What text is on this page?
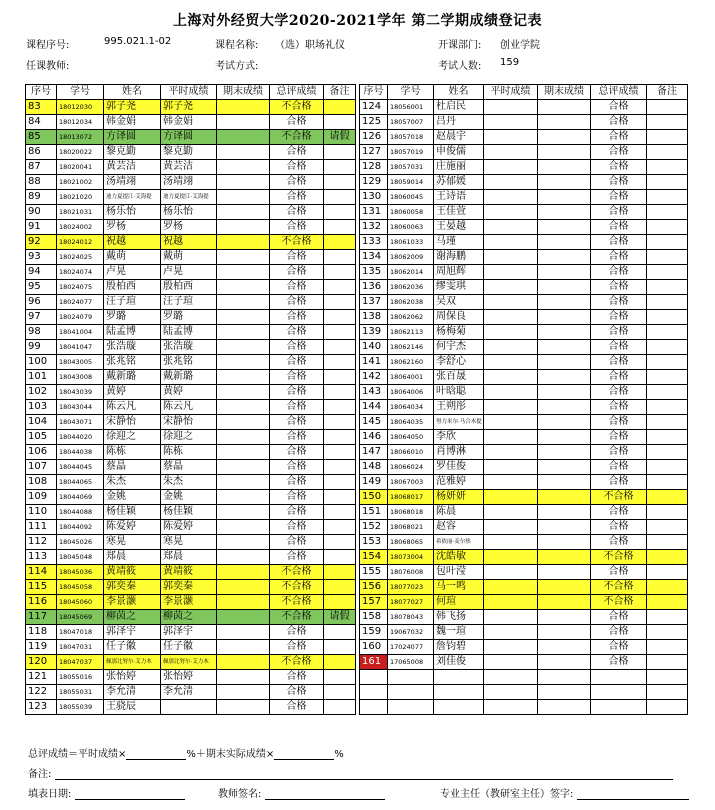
上海对外经贸大学2020-2021学年 第二学期成绩登记表
课程序号:	995.021.1-02	课程名称: （选）职场礼仪	开课部门: 创业学院
任课教师:	考试方式:	考试人数: 159
序号	学号	姓名	平时成绩	期末成绩	总评成绩	备注
83	18012030	郭子尧	郭子尧		不合格	
84	18012034	韩金娟	韩金娟		合格	
85	18013072	方译圆	方译圆		不合格	请假
86	18020022	黎克勤	黎克勤		合格	
87	18020041	黄芸洁	黄芸洁		合格	
88	18021002	汤靖翊	汤靖翊		合格	
89	18021020	迪力夏提江·艾海提	迪力夏提江·艾海提		合格	
90	18021031	杨乐怡	杨乐怡		合格	
91	18024002	罗杨	罗杨		合格	
92	18024012	祝越	祝越		不合格	
93	18024025	戴萌	戴萌		合格	
94	18024074	卢晃	卢晃		合格	
95	18024075	殷柏西	殷柏西		合格	
96	18024077	汪子瑄	汪子瑄		合格	
97	18024079	罗璐	罗璐		合格	
98	18041004	陆孟博	陆孟博		合格	
99	18041047	张浩璇	张浩璇		合格	
100	18043005	张兆铭	张兆铭		合格	
101	18043008	戴新璐	戴新璐		合格	
102	18043039	黄婷	黄婷		合格	
103	18043044	陈云凡	陈云凡		合格	
104	18043071	宋静怡	宋静怡		合格	
105	18044020	徐迎之	徐迎之		合格	
106	18044038	陈栋	陈栋		合格	
107	18044045	蔡晶	蔡晶		合格	
108	18044065	朱杰	朱杰		合格	
109	18044069	金姚	金姚		合格	
110	18044088	杨佳颖	杨佳颖		合格	
111	18044092	陈爱婷	陈爱婷		合格	
112	18045026	寒晃	寒晃		合格	
113	18045048	郑晨	郑晨		合格	
114	18045036	黄靖筱	黄靖筱		不合格	
115	18045058	郭奕秦	郭奕秦		不合格	
116	18045060	李景灏	李景灏		不合格	
117	18045069	柳茵之	柳茵之		不合格	请假
118	18047018	郭泽宇	郭泽宇		合格	
119	18047031	任子徽	任子徽		合格	
120	18047037	佩那比努尔·艾力木	佩那比努尔·艾力木		不合格	
121	18055016	张怡婷	张怡婷		合格	
122	18055031	李允清	李允清		合格	
123	18055039	王骁辰			合格	
序号	学号	姓名	平时成绩	期末成绩	总评成绩	备注
124	18056001	杜启民			合格	
125	18057007	吕丹			合格	
126	18057018	赵晨宇			合格	
127	18057019	申俊儒			合格	
128	18057031	庄施丽			合格	
129	18059014	苏郁媛			合格	
130	18060045	王诗语			合格	
131	18060058	王佳萱			合格	
132	18060063	王晏越			合格	
133	18061033	马瑾			合格	
134	18062009	谢海鹏			合格	
135	18062014	周旭辉			合格	
136	18062036	缪雯琪			合格	
137	18062038	吴双			合格	
138	18062062	周保良			合格	
139	18062113	杨梅菊			合格	
140	18062146	何宇杰			合格	
141	18062160	李舒心			合格	
142	18064001	张百晟			合格	
143	18064006	叶晗聪			合格	
144	18064034	王朔彤			合格	
145	18064035	努力米尔·马合木提			合格	
146	18064050	李欣			合格	
147	18066010	肖博淋			合格	
148	18066024	罗佳俊			合格	
149	18067003	范雅婷			合格	
150	18068017	杨妍妍			不合格	
151	18068018	陈晨			合格	
152	18068021	赵容			合格	
153	18068065	希依丽·麦尔热			合格	
154	18073004	沈皓敏			不合格	
155	18076008	包叶滢			合格	
156	18077023	马一鸣			不合格	
157	18077027	何瑄			不合格	
158	18078043	韩飞扬			合格	
159	19067032	魏一瑄			合格	
160	17024077	詹钧碧			合格	
161	17065008	刘佳俊			合格	

总评成绩＝平时成绩×	%＋期末实际成绩×	%
备注:
填表日期:	教师签名:	专业主任（教研室主任）签字:
